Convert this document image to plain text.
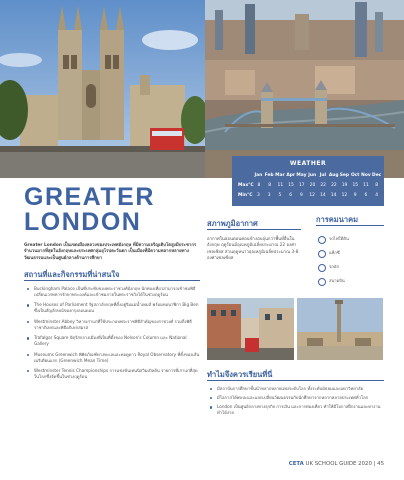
WEATHER
Jan Feb Mar Apr May Jun Jul Aug Sep Oct Nov Dec
Max°C 8	8	11	15	17	20	22	22	19	15	11	8
Min°C	3	3	5	6	9	12	14	14	12	9	6	4
GREATER
LONDON
Greater London เป็นเขตเมืองหลวงของประเทศอังกฤษ ที่มีความเจริญเติบโตสูงมีประชากรจำนวนมากที่สุดในอังกฤษและประเทศกลุ่มยุโรปตะวันตก เป็นเมืองที่มีความหลากหลายทางวัฒนธรรมและเป็นศูนย์กลางด้านการศึกษา
สถานที่และกิจกรรมที่น่าสนใจ
Buckingham Palace เป็นที่ประทับของพระราชวงศ์อังกฤษ นักท่องเที่ยวสามารถเข้าชมพิธีเปลี่ยนเวรทหารรักษาพระองค์และเข้าชมภายในพระราชวังได้ในช่วงฤดูร้อน
The Houses of Parliament รัฐสภาอังกฤษที่ตั้งอยู่ริมแม่น้ำเทมส์ พร้อมหอนาฬิกา Big Ben ซึ่งเป็นสัญลักษณ์ของกรุงลอนดอน
Westminster Abbey วิหารเก่าแก่ที่ใช้ประกอบพระราชพิธีสำคัญของราชวงศ์ รวมถึงพิธีราชาภิเษกและพิธีอภิเษกสมรส
Trafalgar Square จัตุรัสกลางเมืองที่เป็นที่ตั้งของ Nelson's Column และ National Gallery
Museums Greenwich พิพิธภัณฑ์ทางทะเลและหอดูดาว Royal Observatory ที่ตั้งของเส้นเมริเดียนแรก (Greenwich Mean Time)
Westminster Tennis Championships การแข่งขันเทนนิสวิมเบิลดัน รายการที่เก่าแก่ที่สุดในโลกซึ่งจัดขึ้นในช่วงฤดูร้อน
สภาพภูมิอากาศ
อากาศในลอนดอนค่อนข้างอบอุ่นกว่าพื้นที่อื่นในอังกฤษ ฤดูร้อนมีอุณหภูมิเฉลี่ยประมาณ 22 องศาเซลเซียส ส่วนฤดูหนาวอุณหภูมิเฉลี่ยประมาณ 3-8 องศาเซลเซียส
การคมนาคม
รถไฟใต้ดิน
แท็กซี่
รถบัส
สนามบิน
ทำไมจึงควรเรียนที่นี่
มีสถาบันการศึกษาชั้นนำหลากหลายแห่งระดับโลก ทั้งระดับมัธยมและมหาวิทยาลัย
มีโอกาสได้พบปะและแลกเปลี่ยนวัฒนธรรมกับนักศึกษาจากหลากหลายประเทศทั่วโลก
London เป็นศูนย์กลางทางธุรกิจ การเงิน และการท่องเที่ยว ทำให้มีโอกาสฝึกงานและหางานทำได้ง่าย
CETA UK SCHOOL GUIDE 2020 | 45
